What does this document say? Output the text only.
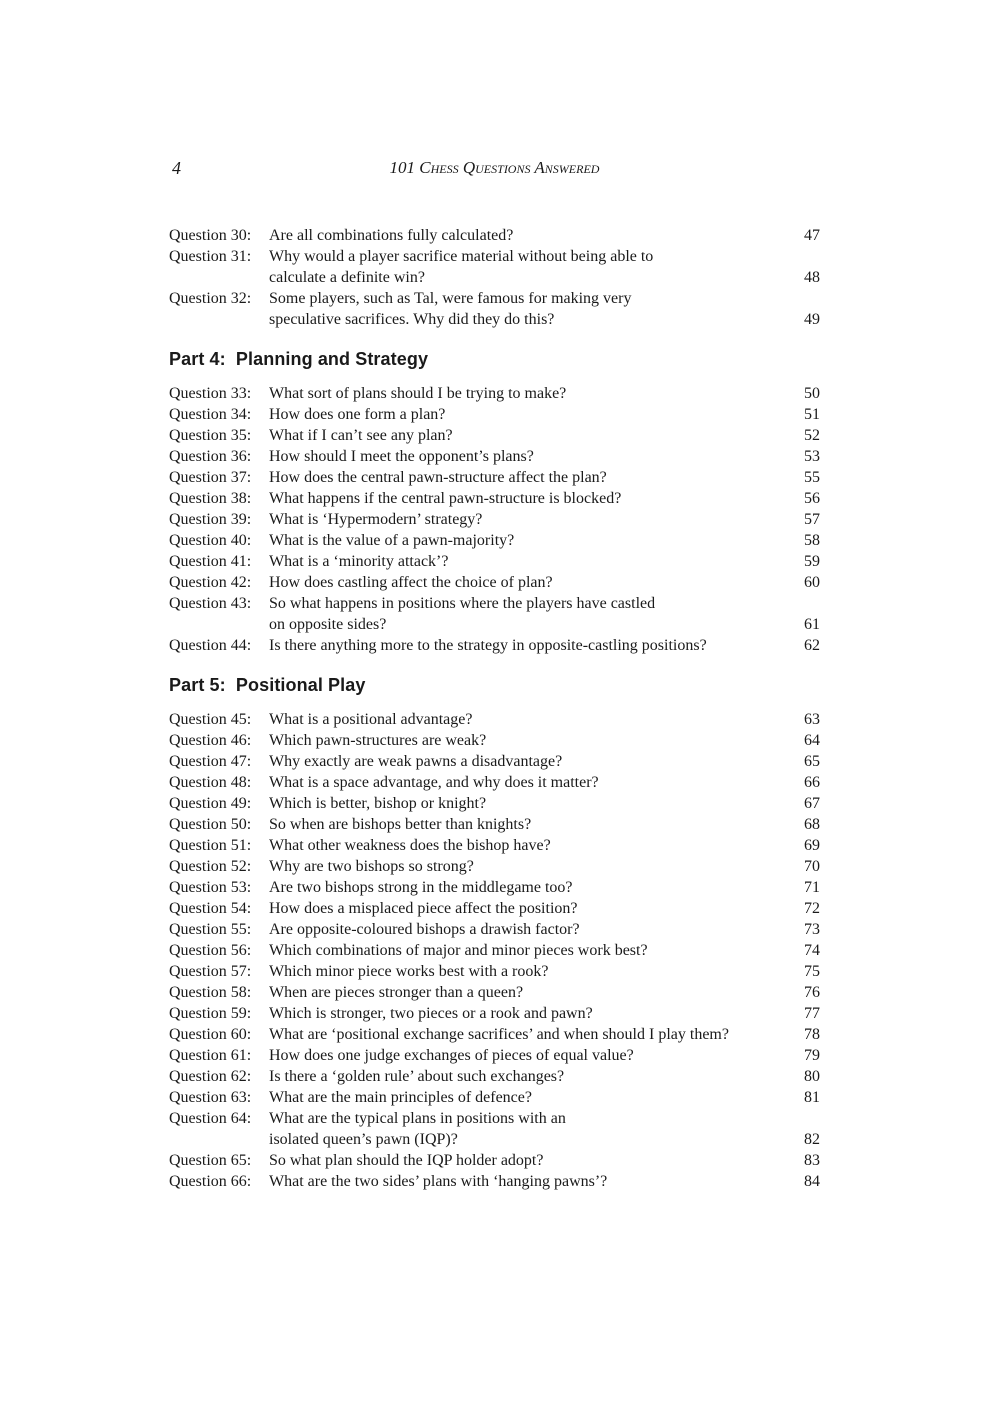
4	101 Chess Questions Answered
Question 30:	Are all combinations fully calculated?	47
Question 31:	Why would a player sacrifice material without being able to
calculate a definite win?	48
Question 32:	Some players, such as Tal, were famous for making very
speculative sacrifices. Why did they do this?	49
Part 4:  Planning and Strategy
Question 33:	What sort of plans should I be trying to make?	50
Question 34:	How does one form a plan?	51
Question 35:	What if I can’t see any plan?	52
Question 36:	How should I meet the opponent’s plans?	53
Question 37:	How does the central pawn-structure affect the plan?	55
Question 38:	What happens if the central pawn-structure is blocked?	56
Question 39:	What is ‘Hypermodern’ strategy?	57
Question 40:	What is the value of a pawn-majority?	58
Question 41:	What is a ‘minority attack’?	59
Question 42:	How does castling affect the choice of plan?	60
Question 43:	So what happens in positions where the players have castled
on opposite sides?	61
Question 44:	Is there anything more to the strategy in opposite-castling positions?	62
Part 5:  Positional Play
Question 45:	What is a positional advantage?	63
Question 46:	Which pawn-structures are weak?	64
Question 47:	Why exactly are weak pawns a disadvantage?	65
Question 48:	What is a space advantage, and why does it matter?	66
Question 49:	Which is better, bishop or knight?	67
Question 50:	So when are bishops better than knights?	68
Question 51:	What other weakness does the bishop have?	69
Question 52:	Why are two bishops so strong?	70
Question 53:	Are two bishops strong in the middlegame too?	71
Question 54:	How does a misplaced piece affect the position?	72
Question 55:	Are opposite-coloured bishops a drawish factor?	73
Question 56:	Which combinations of major and minor pieces work best?	74
Question 57:	Which minor piece works best with a rook?	75
Question 58:	When are pieces stronger than a queen?	76
Question 59:	Which is stronger, two pieces or a rook and pawn?	77
Question 60:	What are ‘positional exchange sacrifices’ and when should I play them?	78
Question 61:	How does one judge exchanges of pieces of equal value?	79
Question 62:	Is there a ‘golden rule’ about such exchanges?	80
Question 63:	What are the main principles of defence?	81
Question 64:	What are the typical plans in positions with an
isolated queen’s pawn (IQP)?	82
Question 65:	So what plan should the IQP holder adopt?	83
Question 66:	What are the two sides’ plans with ‘hanging pawns’?	84
